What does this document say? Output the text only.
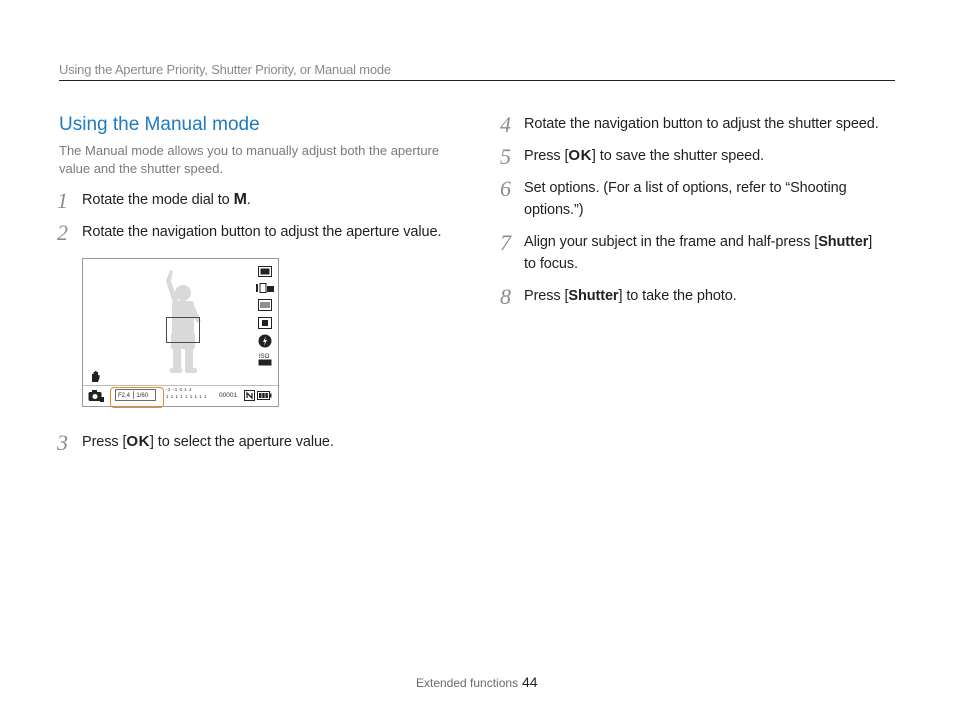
Using the Aperture Priority, Shutter Priority, or Manual mode
Using the Manual mode
The Manual mode allows you to manually adjust both the aperture value and the shutter speed.
1 Rotate the mode dial to M.
2 Rotate the navigation button to adjust the aperture value.
ISO
F2.4 1/60
-2 -1 0 1 2
1 1 1 1 1 1 1 1 1 00001
3 Press [OK] to select the aperture value.
4 Rotate the navigation button to adjust the shutter speed.
5 Press [OK] to save the shutter speed.
6 Set options. (For a list of options, refer to “Shooting
options.”)
7 Align your subject in the frame and half-press [Shutter]
to focus.
8 Press [Shutter] to take the photo.
Extended functions 44
